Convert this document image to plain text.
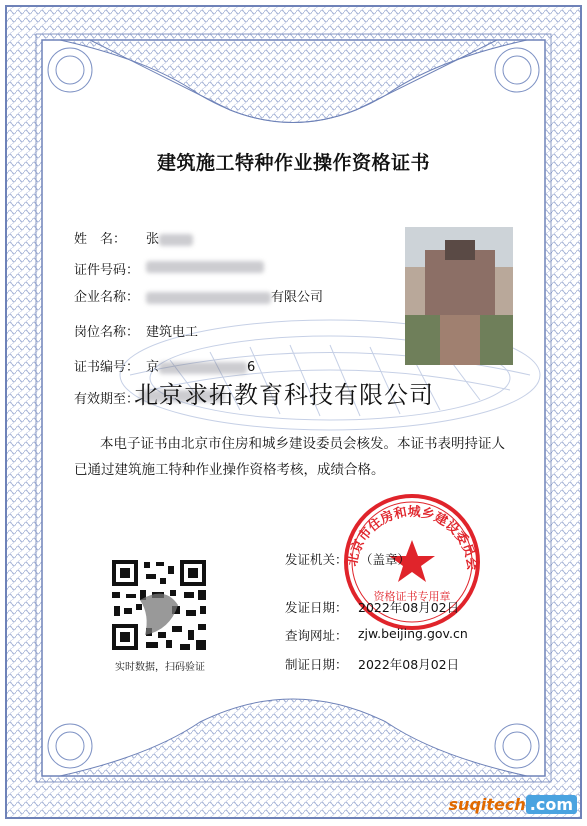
北京市住房和城乡建设委员会
资格证书专用章
建筑施工特种作业操作资格证书
姓　名： 张
证件号码：
企业名称：	有限公司
岗位名称： 建筑电工
证书编号： 京	6
有效期至：
北京求拓教育科技有限公司
本电子证书由北京市住房和城乡建设委员会核发。本证书表明持证人
已通过建筑施工特种作业操作资格考核，成绩合格。
实时数据，扫码验证
发证机关： （盖章）
发证日期： 2022年08月02日
查询网址： zjw.beijing.gov.cn
制证日期： 2022年08月02日
suqitech .com
